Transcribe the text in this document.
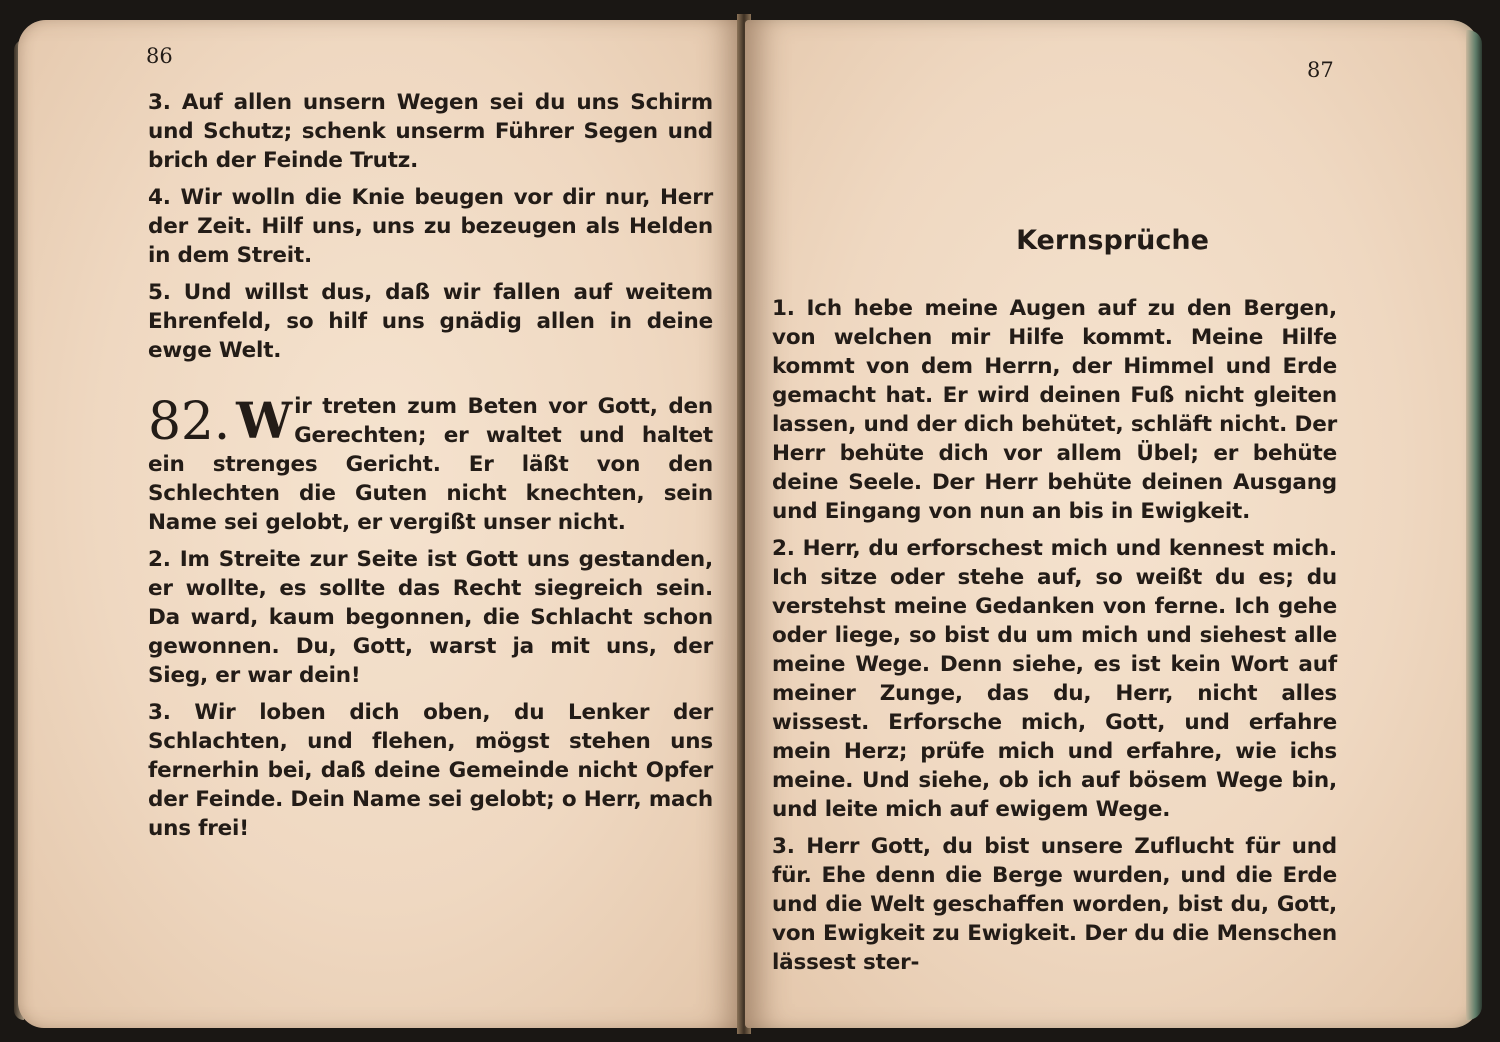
86

3. Auf allen unsern Wegen sei du uns Schirm und Schutz; schenk unserm Führer Segen und brich der Feinde Trutz.

4. Wir wolln die Knie beugen vor dir nur, Herr der Zeit. Hilf uns, uns zu bezeugen als Helden in dem Streit.

5. Und willst dus, daß wir fallen auf weitem Ehrenfeld, so hilf uns gnädig allen in deine ewge Welt.

82. W ir treten zum Beten vor Gott, den Gerechten; er waltet und haltet ein strenges Gericht. Er läßt von den Schlechten die Guten nicht knechten, sein Name sei gelobt, er vergißt unser nicht.

2. Im Streite zur Seite ist Gott uns gestanden, er wollte, es sollte das Recht siegreich sein. Da ward, kaum begonnen, die Schlacht schon gewonnen. Du, Gott, warst ja mit uns, der Sieg, er war dein!

3. Wir loben dich oben, du Lenker der Schlachten, und flehen, mögst stehen uns fernerhin bei, daß deine Gemeinde nicht Opfer der Feinde. Dein Name sei gelobt; o Herr, mach uns frei!

87
Kernsprüche

1. Ich hebe meine Augen auf zu den Bergen, von welchen mir Hilfe kommt. Meine Hilfe kommt von dem Herrn, der Himmel und Erde gemacht hat. Er wird deinen Fuß nicht gleiten lassen, und der dich behütet, schläft nicht. Der Herr behüte dich vor allem Übel; er behüte deine Seele. Der Herr behüte deinen Ausgang und Eingang von nun an bis in Ewigkeit.

2. Herr, du erforschest mich und kennest mich. Ich sitze oder stehe auf, so weißt du es; du verstehst meine Gedanken von ferne. Ich gehe oder liege, so bist du um mich und siehest alle meine Wege. Denn siehe, es ist kein Wort auf meiner Zunge, das du, Herr, nicht alles wissest. Erforsche mich, Gott, und erfahre mein Herz; prüfe mich und erfahre, wie ichs meine. Und siehe, ob ich auf bösem Wege bin, und leite mich auf ewigem Wege.

3. Herr Gott, du bist unsere Zuflucht für und für. Ehe denn die Berge wurden, und die Erde und die Welt geschaffen worden, bist du, Gott, von Ewigkeit zu Ewigkeit. Der du die Menschen lässest ster-
